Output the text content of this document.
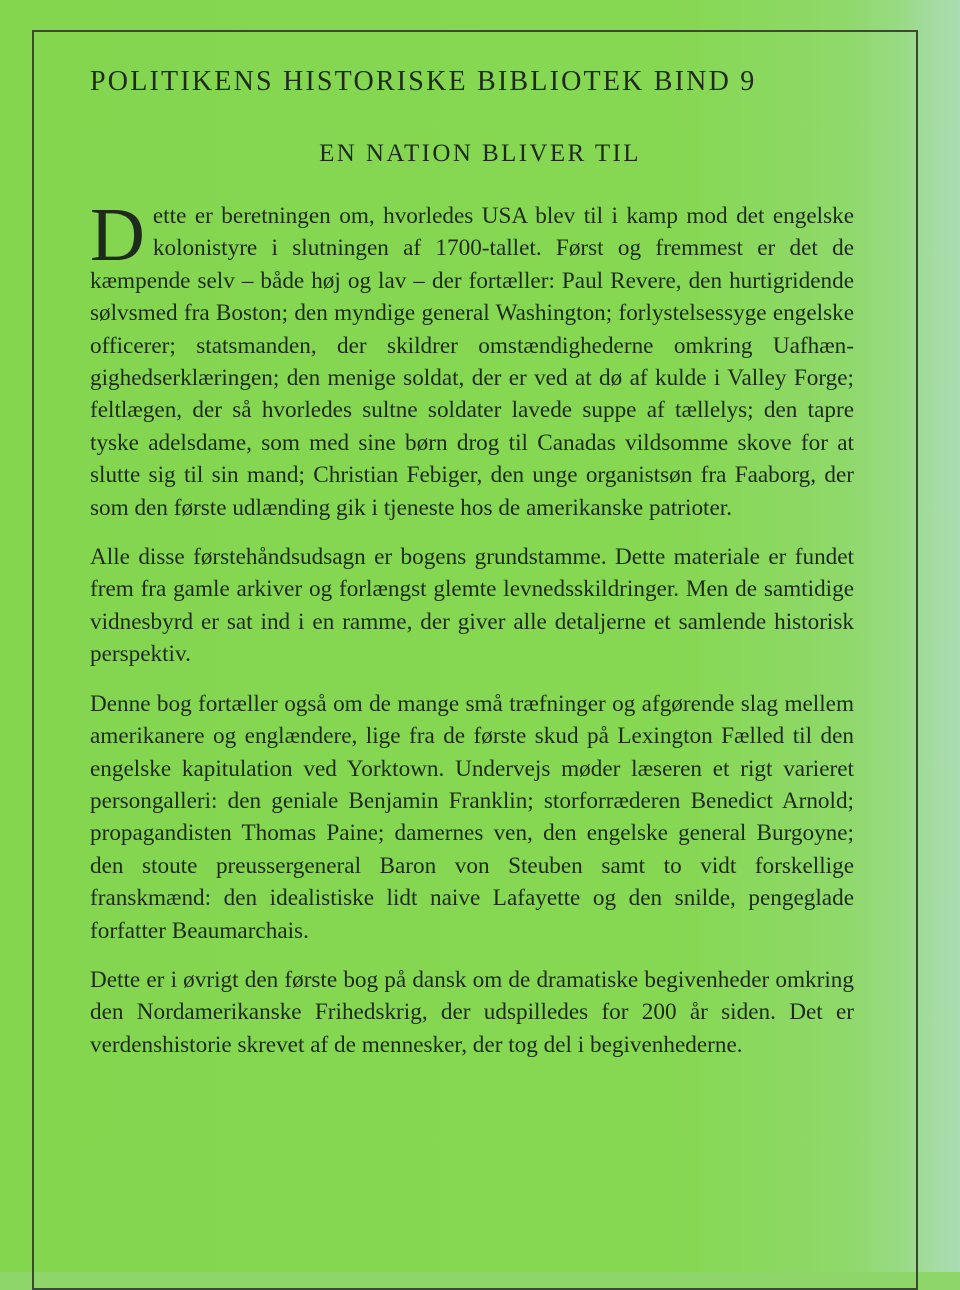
POLITIKENS HISTORISKE BIBLIOTEK BIND 9
EN NATION BLIVER TIL

Dette er beretningen om, hvorledes USA blev til i kamp mod det engelske kolonistyre i slutningen af 1700-tallet. Først og fremmest er det de kæmpende selv – både høj og lav – der fortæller: Paul Revere, den hurtigridende sølvsmed fra Boston; den myndige general Washington; forlystelsessyge engelske officerer; statsmanden, der skildrer omstændighederne omkring Uafhængighedserklæringen; den menige soldat, der er ved at dø af kulde i Valley Forge; feltlægen, der så hvorledes sultne soldater lavede suppe af tællelys; den tapre tyske adelsdame, som med sine børn drog til Canadas vildsomme skove for at slutte sig til sin mand; Christian Febiger, den unge organistsøn fra Faaborg, der som den første udlænding gik i tjeneste hos de amerikanske patrioter.

Alle disse førstehåndsudsagn er bogens grundstamme. Dette materiale er fundet frem fra gamle arkiver og forlængst glemte levnedsskildringer. Men de samtidige vidnesbyrd er sat ind i en ramme, der giver alle detaljerne et samlende historisk perspektiv.

Denne bog fortæller også om de mange små træfninger og afgørende slag mellem amerikanere og englændere, lige fra de første skud på Lexington Fælled til den engelske kapitulation ved Yorktown. Undervejs møder læseren et rigt varieret persongalleri: den geniale Benjamin Franklin; storforræderen Benedict Arnold; propagandisten Thomas Paine; damernes ven, den engelske general Burgoyne; den stoute preussergeneral Baron von Steuben samt to vidt forskellige franskmænd: den idealistiske lidt naive Lafayette og den snilde, pengeglade forfatter Beaumarchais.

Dette er i øvrigt den første bog på dansk om de dramatiske begivenheder omkring den Nordamerikanske Frihedskrig, der udspilledes for 200 år siden. Det er verdenshistorie skrevet af de mennesker, der tog del i begivenhederne.
